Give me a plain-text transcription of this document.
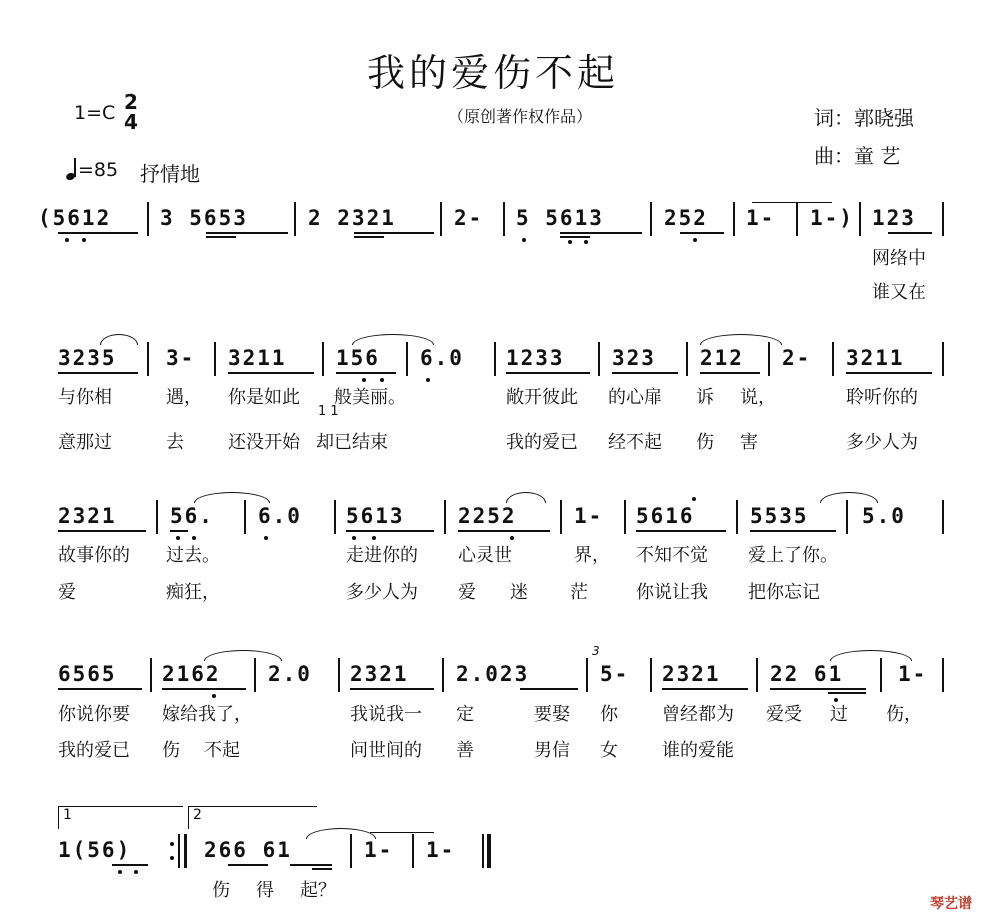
我的爱伤不起
（原创著作权作品）
1=C 2
4
=85 抒情地
词：郭晓强
曲：童 艺
(5612 3 5653	2 2321	2- 5 5613	252 1- 1-) 123
网络中
谁又在
3235 3- 3211 156 6.0 1233 323 212 2- 3211
与你相	遇， 你是如此 般美丽。	敞开彼此 的心扉 诉 说，	聆听你的
1 1
意那过	去 还没开始 却已结束	我的爱已 经不起 伤 害	多少人为
2321	56. 6.0 5613	2252	1- 5616	5535	5.0
故事你的 过去。	走进你的 心灵世	界， 不知不觉 爱上了你。
爱	痴狂，	多少人为 爱 迷 茫	你说让我 把你忘记
6565 2162 2.0 2321 2.023
3
5- 2321 22 61	1-
你说你要 嫁给我了，	我说我一 定	要娶 你 曾经都为 爱受 过 伤，
我的爱已 伤 不起	问世间的 善	男信 女 谁的爱能
1	2
1(56)	266 61	1- 1-
伤 得 起？
琴艺谱
